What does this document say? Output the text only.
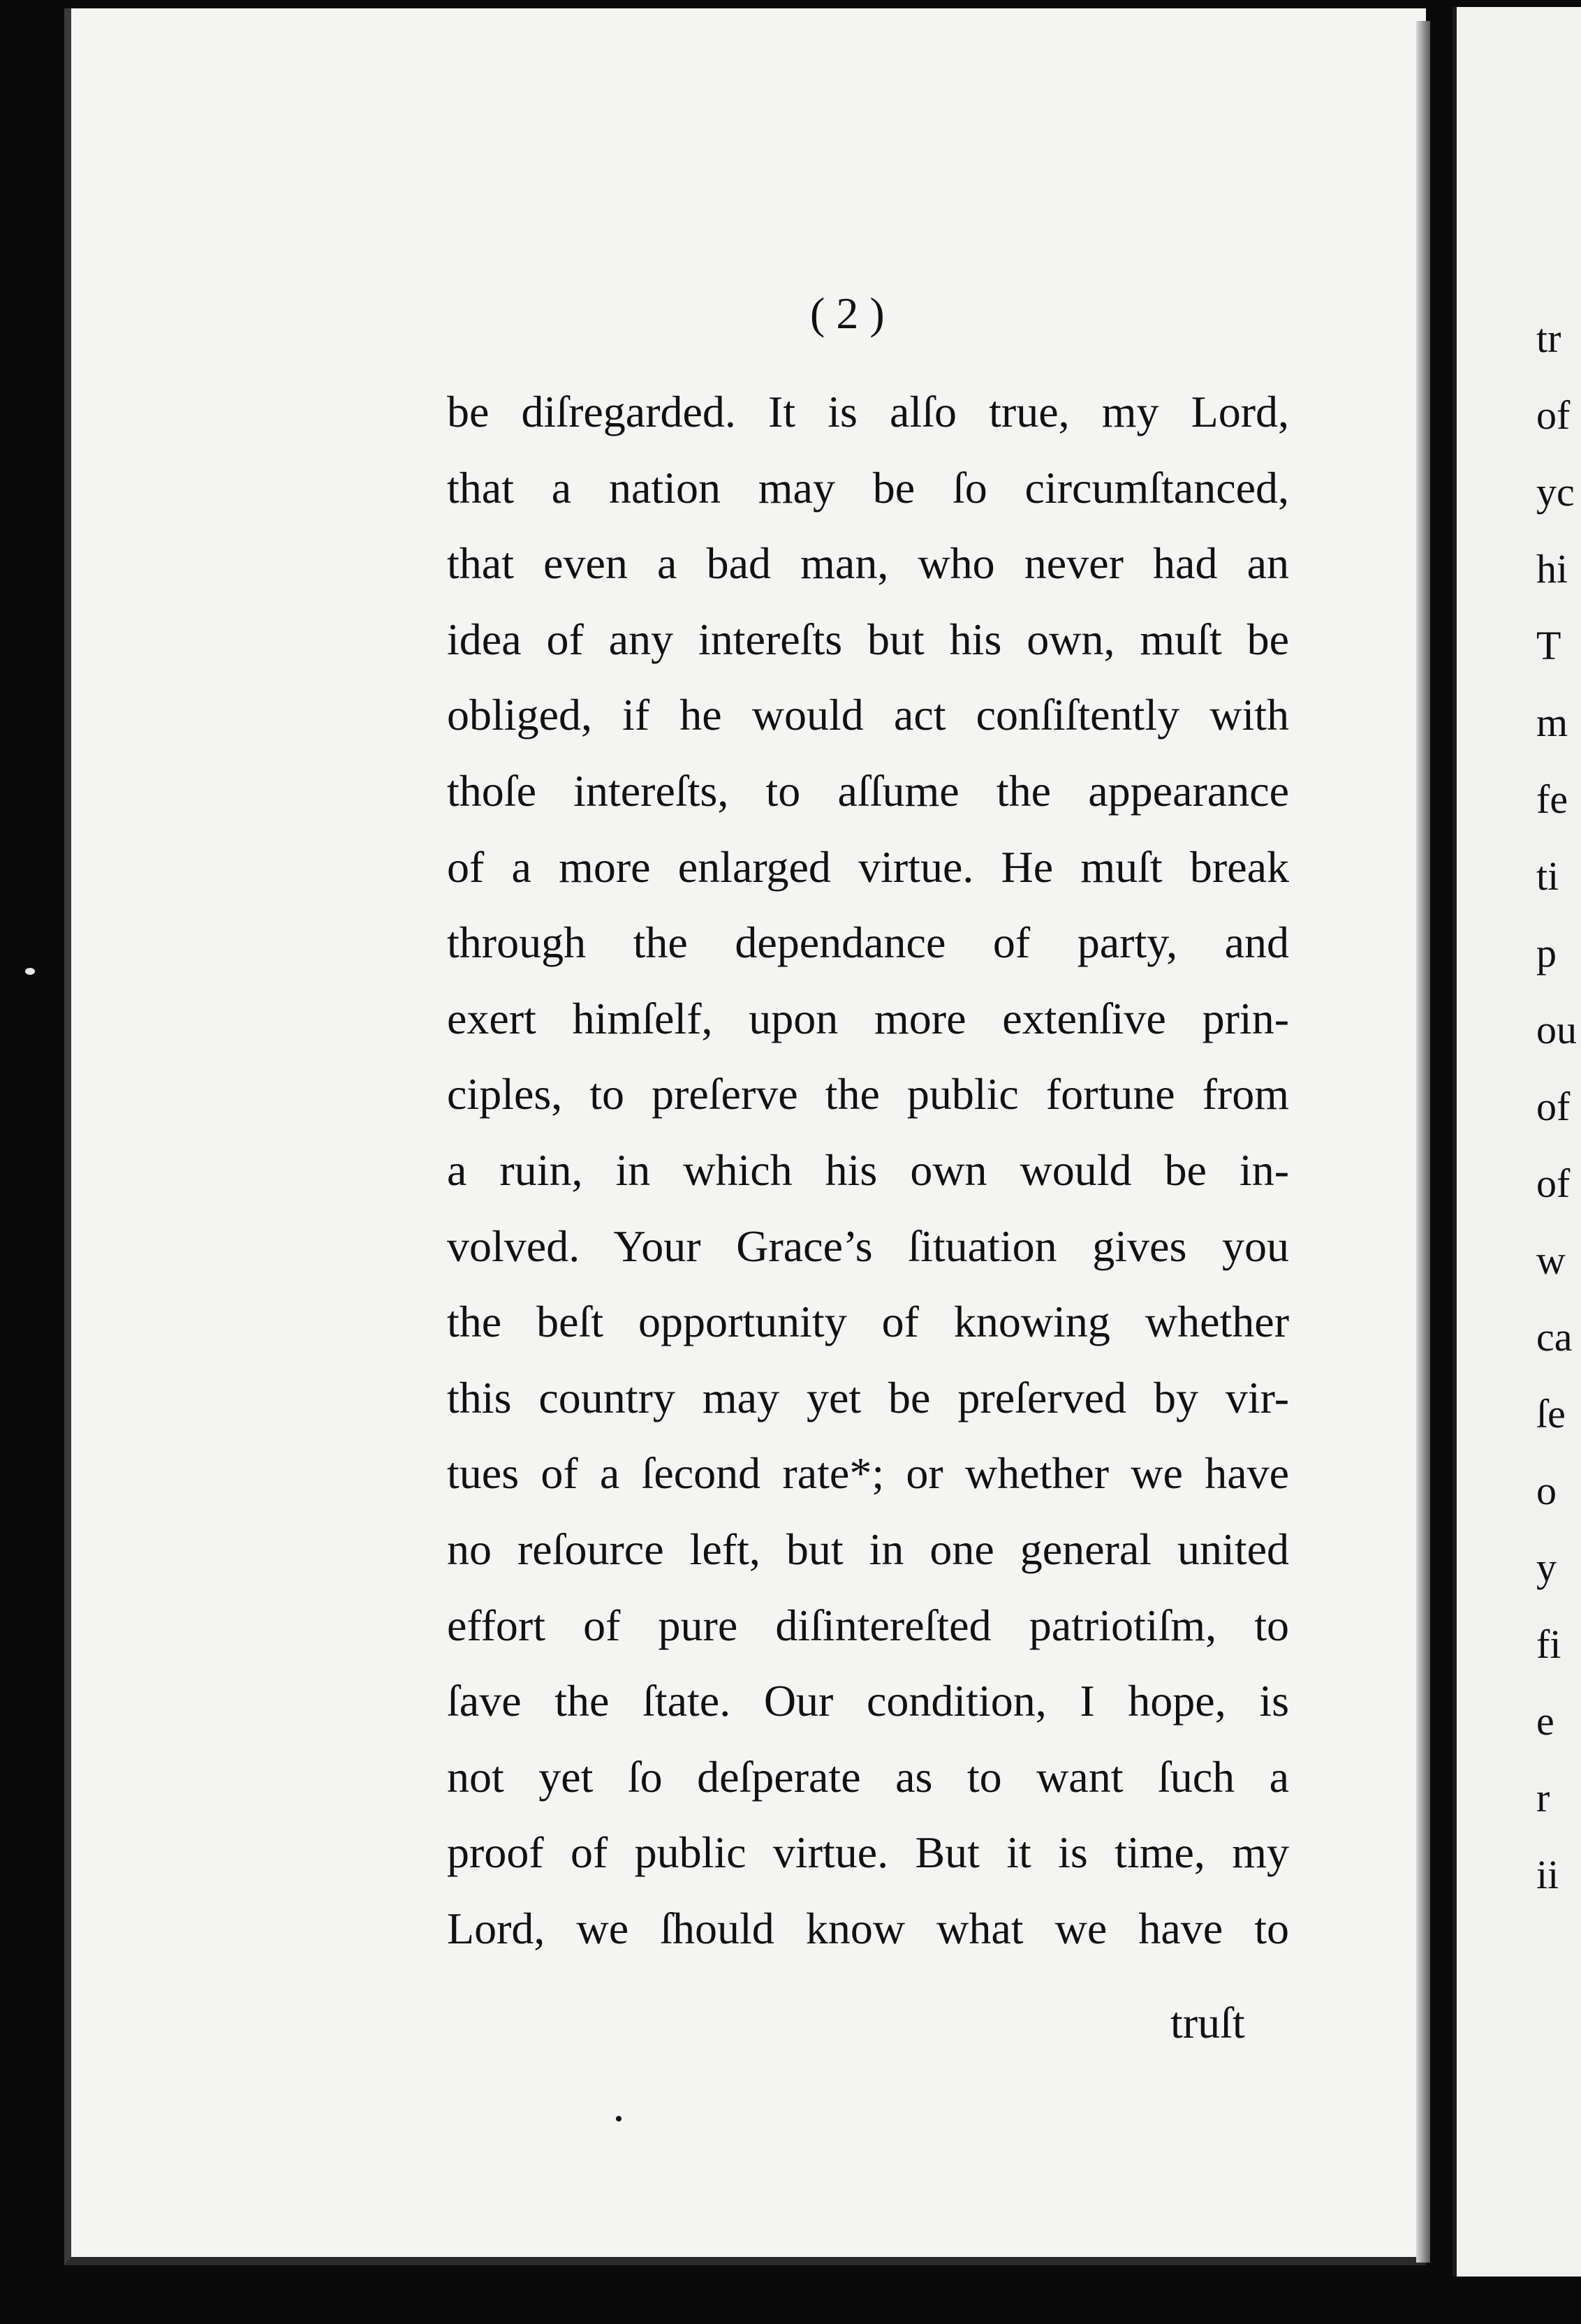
( 2 )
be diſregarded. It is alſo true, my Lord,
that a nation may be ſo circumſtanced,
that even a bad man, who never had an
idea of any intereſts but his own, muſt be
obliged, if he would act conſiſtently with
thoſe intereſts, to aſſume the appearance
of a more enlarged virtue. He muſt break
through the dependance of party, and
exert himſelf, upon more extenſive prin-
ciples, to preſerve the public fortune from
a ruin, in which his own would be in-
volved. Your Grace’s ſituation gives you
the beſt opportunity of knowing whether
this country may yet be preſerved by vir-
tues of a ſecond rate*; or whether we have
no reſource left, but in one general united
effort of pure diſintereſted patriotiſm, to
ſave the ſtate. Our condition, I hope, is
not yet ſo deſperate as to want ſuch a
proof of public virtue. But it is time, my
Lord, we ſhould know what we have to
truſt
tr
of
yc
hi
T
m
fe
ti
p
ou
of
of
w
ca
ſe
o
y
fi
e
r
ii
